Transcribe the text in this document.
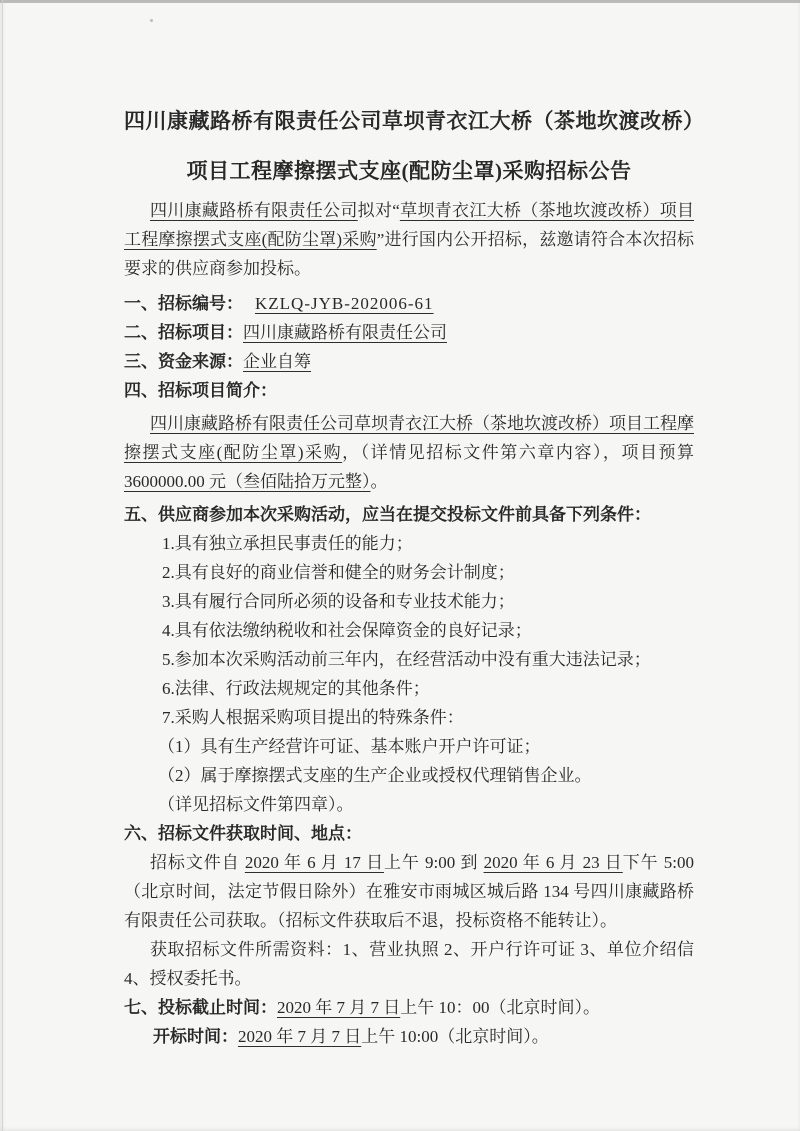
四川康藏路桥有限责任公司草坝青衣江大桥（茶地坎渡改桥）
项目工程摩擦摆式支座(配防尘罩)采购招标公告

四川康藏路桥有限责任公司拟对“草坝青衣江大桥（茶地坎渡改桥）项目工程摩擦摆式支座(配防尘罩)采购”进行国内公开招标，兹邀请符合本次招标要求的供应商参加投标。

一、招标编号： KZLQ-JYB-202006-61
二、招标项目：四川康藏路桥有限责任公司
三、资金来源：企业自筹
四、招标项目简介：

四川康藏路桥有限责任公司草坝青衣江大桥（茶地坎渡改桥）项目工程摩擦摆式支座(配防尘罩)采购，（详情见招标文件第六章内容），项目预算 3600000.00 元（叁佰陆拾万元整）。

五、供应商参加本次采购活动，应当在提交投标文件前具备下列条件：
1.具有独立承担民事责任的能力；
2.具有良好的商业信誉和健全的财务会计制度；
3.具有履行合同所必须的设备和专业技术能力；
4.具有依法缴纳税收和社会保障资金的良好记录；
5.参加本次采购活动前三年内，在经营活动中没有重大违法记录；
6.法律、行政法规规定的其他条件；
7.采购人根据采购项目提出的特殊条件：
（1）具有生产经营许可证、基本账户开户许可证；
（2）属于摩擦摆式支座的生产企业或授权代理销售企业。
（详见招标文件第四章）。
六、招标文件获取时间、地点：

招标文件自 2020 年 6 月 17 日上午 9:00 到 2020 年 6 月 23 日下午 5:00（北京时间，法定节假日除外）在雅安市雨城区城后路 134 号四川康藏路桥有限责任公司获取。（招标文件获取后不退，投标资格不能转让）。

获取招标文件所需资料：1、营业执照 2、开户行许可证 3、单位介绍信 4、授权委托书。

七、投标截止时间：2020 年 7 月 7 日上午 10：00（北京时间）。
开标时间：2020 年 7 月 7 日上午 10:00（北京时间）。
